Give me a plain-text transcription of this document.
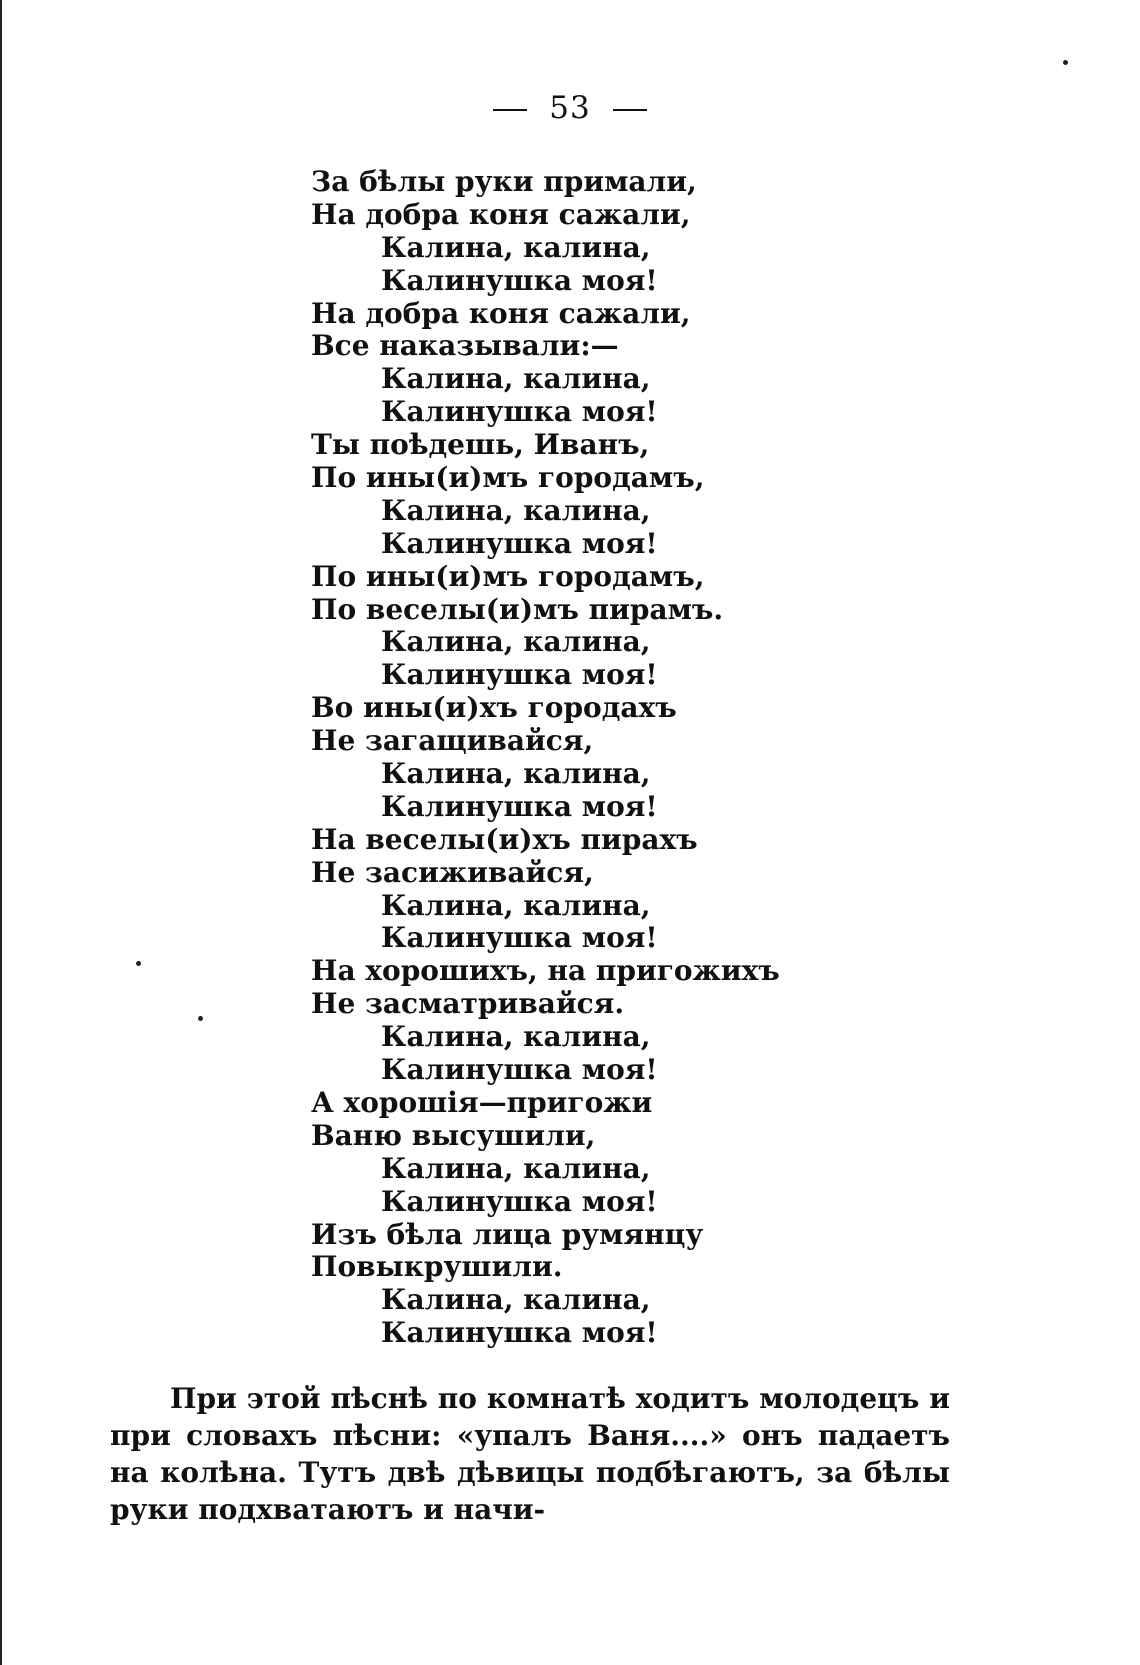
53
За бѣлы руки примали,
На добра коня сажали,
Калина, калина,
Калинушка моя!
На добра коня сажали,
Все наказывали:—
Калина, калина,
Калинушка моя!
Ты поѣдешь, Иванъ,
По ины(и)мъ городамъ,
Калина, калина,
Калинушка моя!
По ины(и)мъ городамъ,
По веселы(и)мъ пирамъ.
Калина, калина,
Калинушка моя!
Во ины(и)хъ городахъ
Не загащивайся,
Калина, калина,
Калинушка моя!
На веселы(и)хъ пирахъ
Не засиживайся,
Калина, калина,
Калинушка моя!
На хорошихъ, на пригожихъ
Не засматривайся.
Калина, калина,
Калинушка моя!
А хорошія—пригожи
Ваню высушили,
Калина, калина,
Калинушка моя!
Изъ бѣла лица румянцу
Повыкрушили.
Калина, калина,
Калинушка моя!
При этой пѣснѣ по комнатѣ ходитъ молодецъ и при словахъ пѣсни: «упалъ Ваня....» онъ падаетъ на колѣна. Тутъ двѣ дѣвицы подбѣгаютъ, за бѣлы руки подхватаютъ и начи-
